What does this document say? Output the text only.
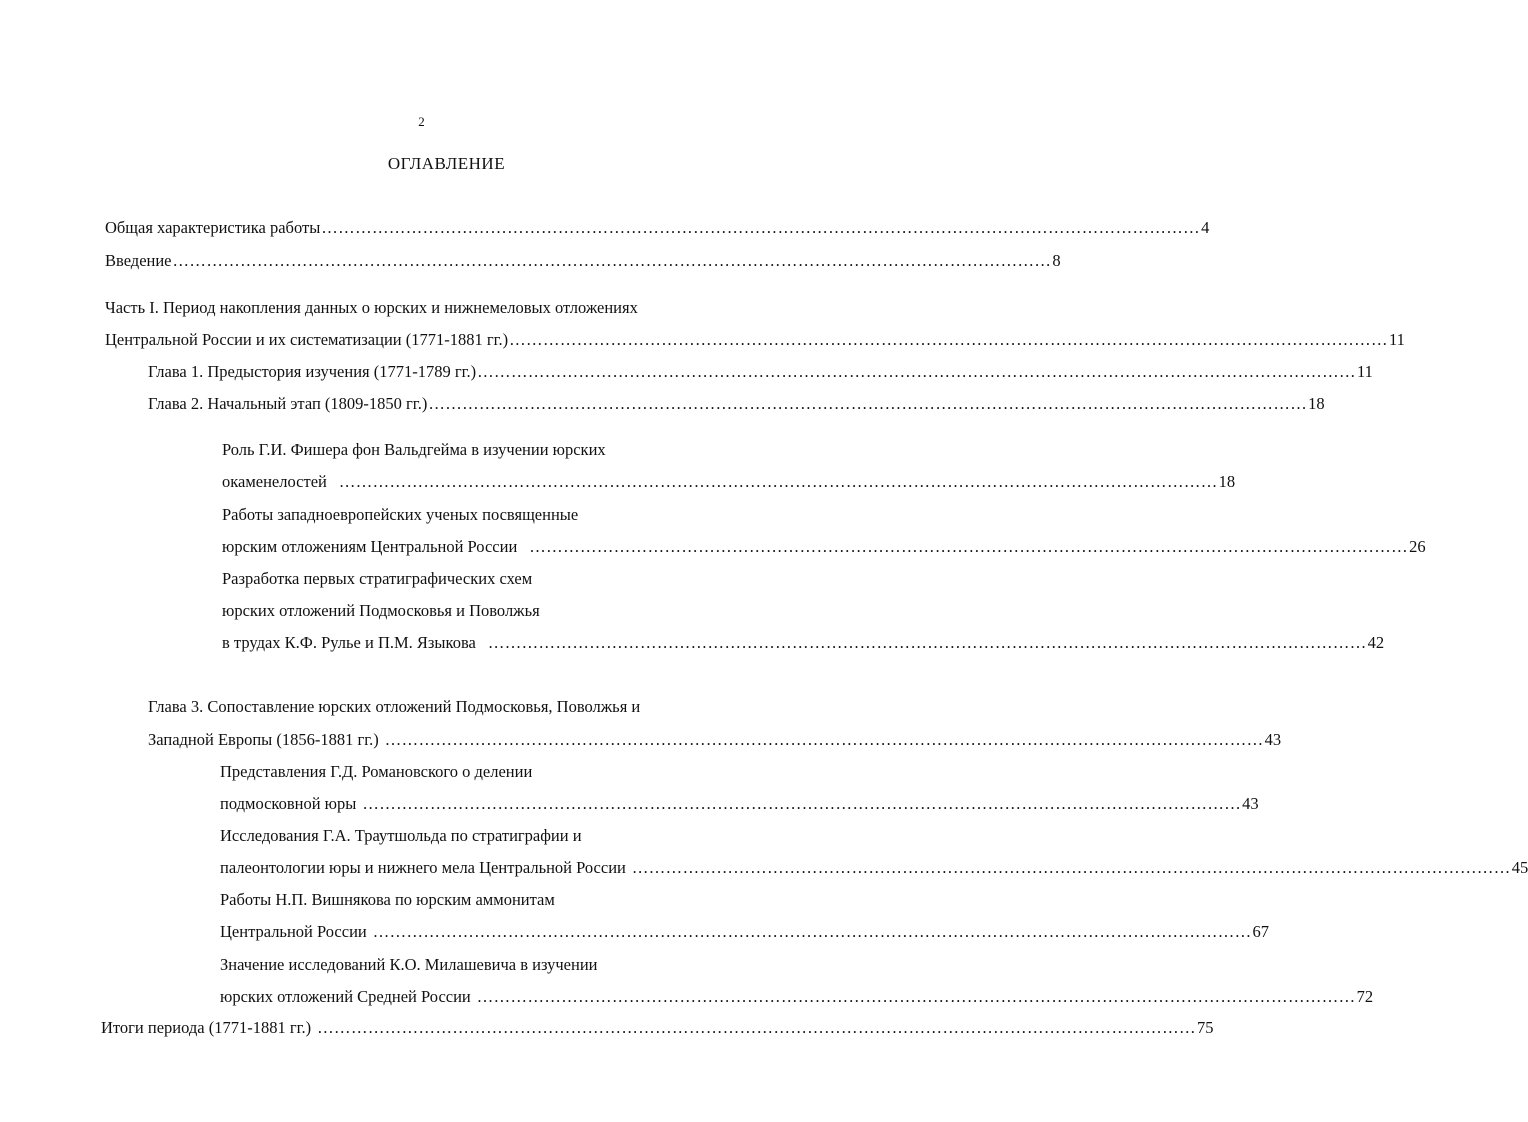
2
ОГЛАВЛЕНИЕ
Общая характеристика работы ………………………………………………………………………………………………………………………………………… 4
Введение ………………………………………………………………………………………………………………………………………… 8
Часть I. Период накопления данных о юрских и нижнемеловых отложениях
Центральной России и их систематизации (1771-1881 гг.) ………………………………………………………………………………………………………………………………………… 11
Глава 1. Предыстория изучения (1771-1789 гг.) ………………………………………………………………………………………………………………………………………… 11
Глава 2. Начальный этап (1809-1850 гг.) ………………………………………………………………………………………………………………………………………… 18
Роль Г.И. Фишера фон Вальдгейма в изучении юрских
окаменелостей ………………………………………………………………………………………………………………………………………… 18
Работы западноевропейских ученых посвященные
юрским отложениям Центральной России ………………………………………………………………………………………………………………………………………… 26
Разработка первых стратиграфических схем
юрских отложений Подмосковья и Поволжья
в трудах К.Ф. Рулье и П.М. Языкова ………………………………………………………………………………………………………………………………………… 42
Глава 3. Сопоставление юрских отложений Подмосковья, Поволжья и
Западной Европы (1856-1881 гг.) ………………………………………………………………………………………………………………………………………… 43
Представления Г.Д. Романовского о делении
подмосковной юры ………………………………………………………………………………………………………………………………………… 43
Исследования Г.А. Траутшольда по стратиграфии и
палеонтологии юры и нижнего мела Центральной России ………………………………………………………………………………………………………………………………………… 45
Работы Н.П. Вишнякова по юрским аммонитам
Центральной России ………………………………………………………………………………………………………………………………………… 67
Значение исследований К.О. Милашевича в изучении
юрских отложений Средней России ………………………………………………………………………………………………………………………………………… 72
Итоги периода (1771-1881 гг.) ………………………………………………………………………………………………………………………………………… 75
